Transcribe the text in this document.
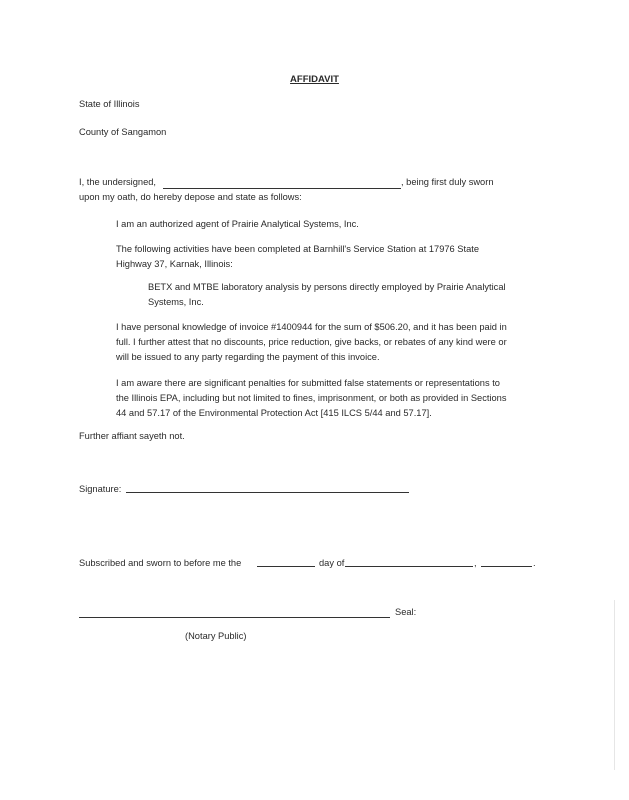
AFFIDAVIT
State of Illinois
County of Sangamon
I, the undersigned,	, being first duly sworn
upon my oath, do hereby depose and state as follows:
I am an authorized agent of Prairie Analytical Systems, Inc.
The following activities have been completed at Barnhill's Service Station at 17976 State
Highway 37, Karnak, Illinois:
BETX and MTBE laboratory analysis by persons directly employed by Prairie Analytical
Systems, Inc.
I have personal knowledge of invoice #1400944 for the sum of $506.20, and it has been paid in
full. I further attest that no discounts, price reduction, give backs, or rebates of any kind were or
will be issued to any party regarding the payment of this invoice.
I am aware there are significant penalties for submitted false statements or representations to
the Illinois EPA, including but not limited to fines, imprisonment, or both as provided in Sections
44 and 57.17 of the Environmental Protection Act [415 ILCS 5/44 and 57.17].
Further affiant sayeth not.
Signature:
Subscribed and sworn to before me the	day of	,	.
Seal:
(Notary Public)
